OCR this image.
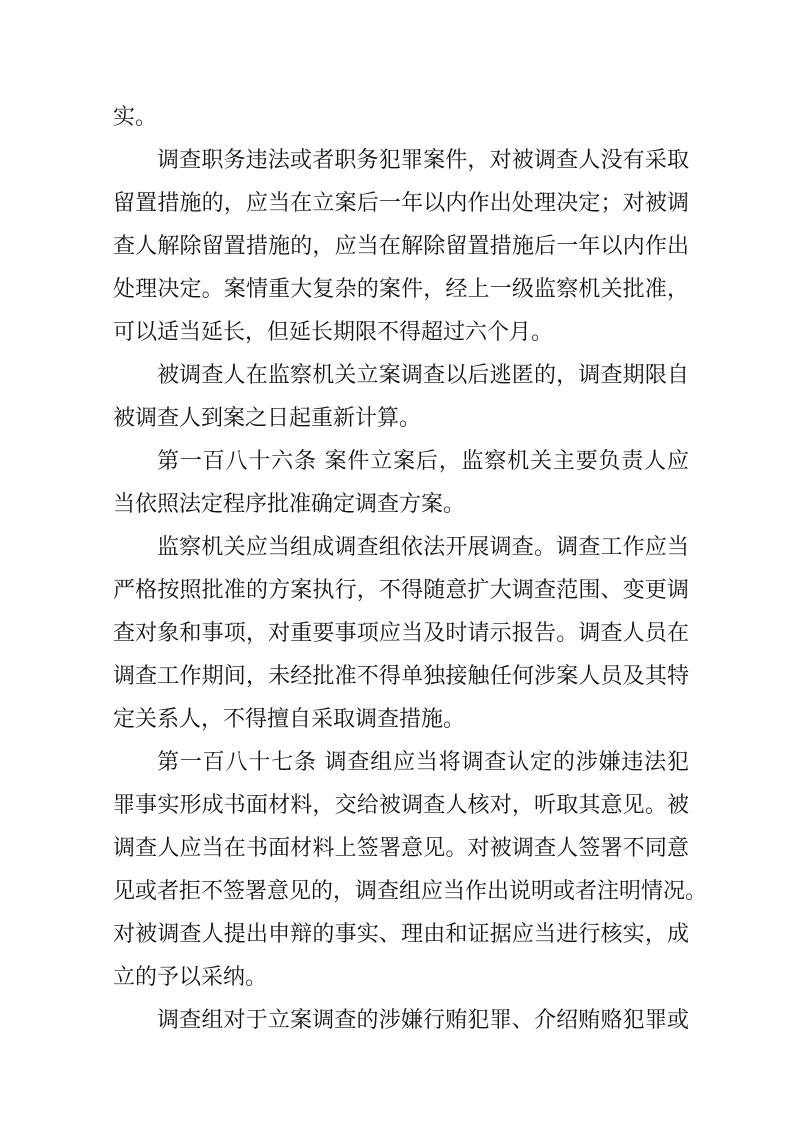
实。
调查职务违法或者职务犯罪案件，对被调查人没有采取
留置措施的，应当在立案后一年以内作出处理决定；对被调
查人解除留置措施的，应当在解除留置措施后一年以内作出
处理决定。案情重大复杂的案件，经上一级监察机关批准，
可以适当延长，但延长期限不得超过六个月。
被调查人在监察机关立案调查以后逃匿的，调查期限自
被调查人到案之日起重新计算。
第一百八十六条 案件立案后，监察机关主要负责人应
当依照法定程序批准确定调查方案。
监察机关应当组成调查组依法开展调查。调查工作应当
严格按照批准的方案执行，不得随意扩大调查范围、变更调
查对象和事项，对重要事项应当及时请示报告。调查人员在
调查工作期间，未经批准不得单独接触任何涉案人员及其特
定关系人，不得擅自采取调查措施。
第一百八十七条 调查组应当将调查认定的涉嫌违法犯
罪事实形成书面材料，交给被调查人核对，听取其意见。被
调查人应当在书面材料上签署意见。对被调查人签署不同意
见或者拒不签署意见的，调查组应当作出说明或者注明情况。
对被调查人提出申辩的事实、理由和证据应当进行核实，成
立的予以采纳。
调查组对于立案调查的涉嫌行贿犯罪、介绍贿赂犯罪或
